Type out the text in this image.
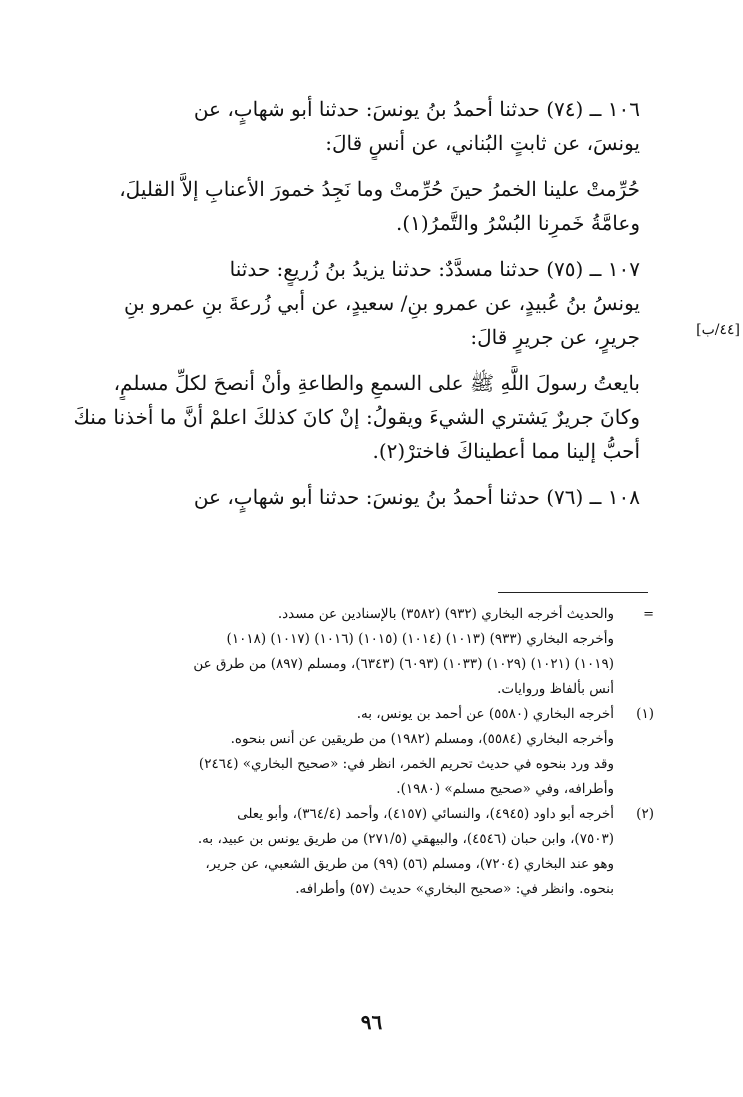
[٤٤/ب]
١٠٦ ــ (٧٤) حدثنا أحمدُ بنُ يونسَ: حدثنا أبو شهابٍ، عن
يونسَ، عن ثابتٍ البُناني، عن أنسٍ قالَ:
حُرِّمتْ علينا الخمرُ حينَ حُرِّمتْ وما نَجِدُ خمورَ الأعنابِ إلاَّ القليلَ،
وعامَّةُ خَمرِنا البُسْرُ والتَّمرُ(١).
١٠٧ ــ (٧٥) حدثنا مسدَّدٌ: حدثنا يزيدُ بنُ زُريعٍ: حدثنا
يونسُ بنُ عُبيدٍ، عن عمرو بنِ/ سعيدٍ، عن أبي زُرعةَ بنِ عمرو بنِ
جريرٍ، عن جريرٍ قالَ:
بايعتُ رسولَ اللَّهِ ﷺ على السمعِ والطاعةِ وأنْ أنصحَ لكلِّ مسلمٍ،
وكانَ جريرٌ يَشتري الشيءَ ويقولُ: إنْ كانَ كذلكَ اعلمْ أنَّ ما أخذنا منكَ
أحبُّ إلينا مما أعطيناكَ فاخترْ(٢).
١٠٨ ــ (٧٦) حدثنا أحمدُ بنُ يونسَ: حدثنا أبو شهابٍ، عن
=
والحديث أخرجه البخاري (٩٣٢) (٣٥٨٢) بالإسنادين عن مسدد.
وأخرجه البخاري (٩٣٣) (١٠١٣) (١٠١٤) (١٠١٥) (١٠١٦) (١٠١٧) (١٠١٨)
(١٠١٩) (١٠٢١) (١٠٢٩) (١٠٣٣) (٦٠٩٣) (٦٣٤٣)، ومسلم (٨٩٧) من طرق عن
أنس بألفاظ وروايات.
(١)
أخرجه البخاري (٥٥٨٠) عن أحمد بن يونس، به.
وأخرجه البخاري (٥٥٨٤)، ومسلم (١٩٨٢) من طريقين عن أنس بنحوه.
وقد ورد بنحوه في حديث تحريم الخمر، انظر في: «صحيح البخاري» (٢٤٦٤)
وأطرافه، وفي «صحيح مسلم» (١٩٨٠).
(٢)
أخرجه أبو داود (٤٩٤٥)، والنسائي (٤١٥٧)، وأحمد (٣٦٤/٤)، وأبو يعلى
(٧٥٠٣)، وابن حبان (٤٥٤٦)، والبيهقي (٢٧١/٥) من طريق يونس بن عبيد، به.
وهو عند البخاري (٧٢٠٤)، ومسلم (٥٦) (٩٩) من طريق الشعبي، عن جرير،
بنحوه. وانظر في: «صحيح البخاري» حديث (٥٧) وأطرافه.
٩٦
